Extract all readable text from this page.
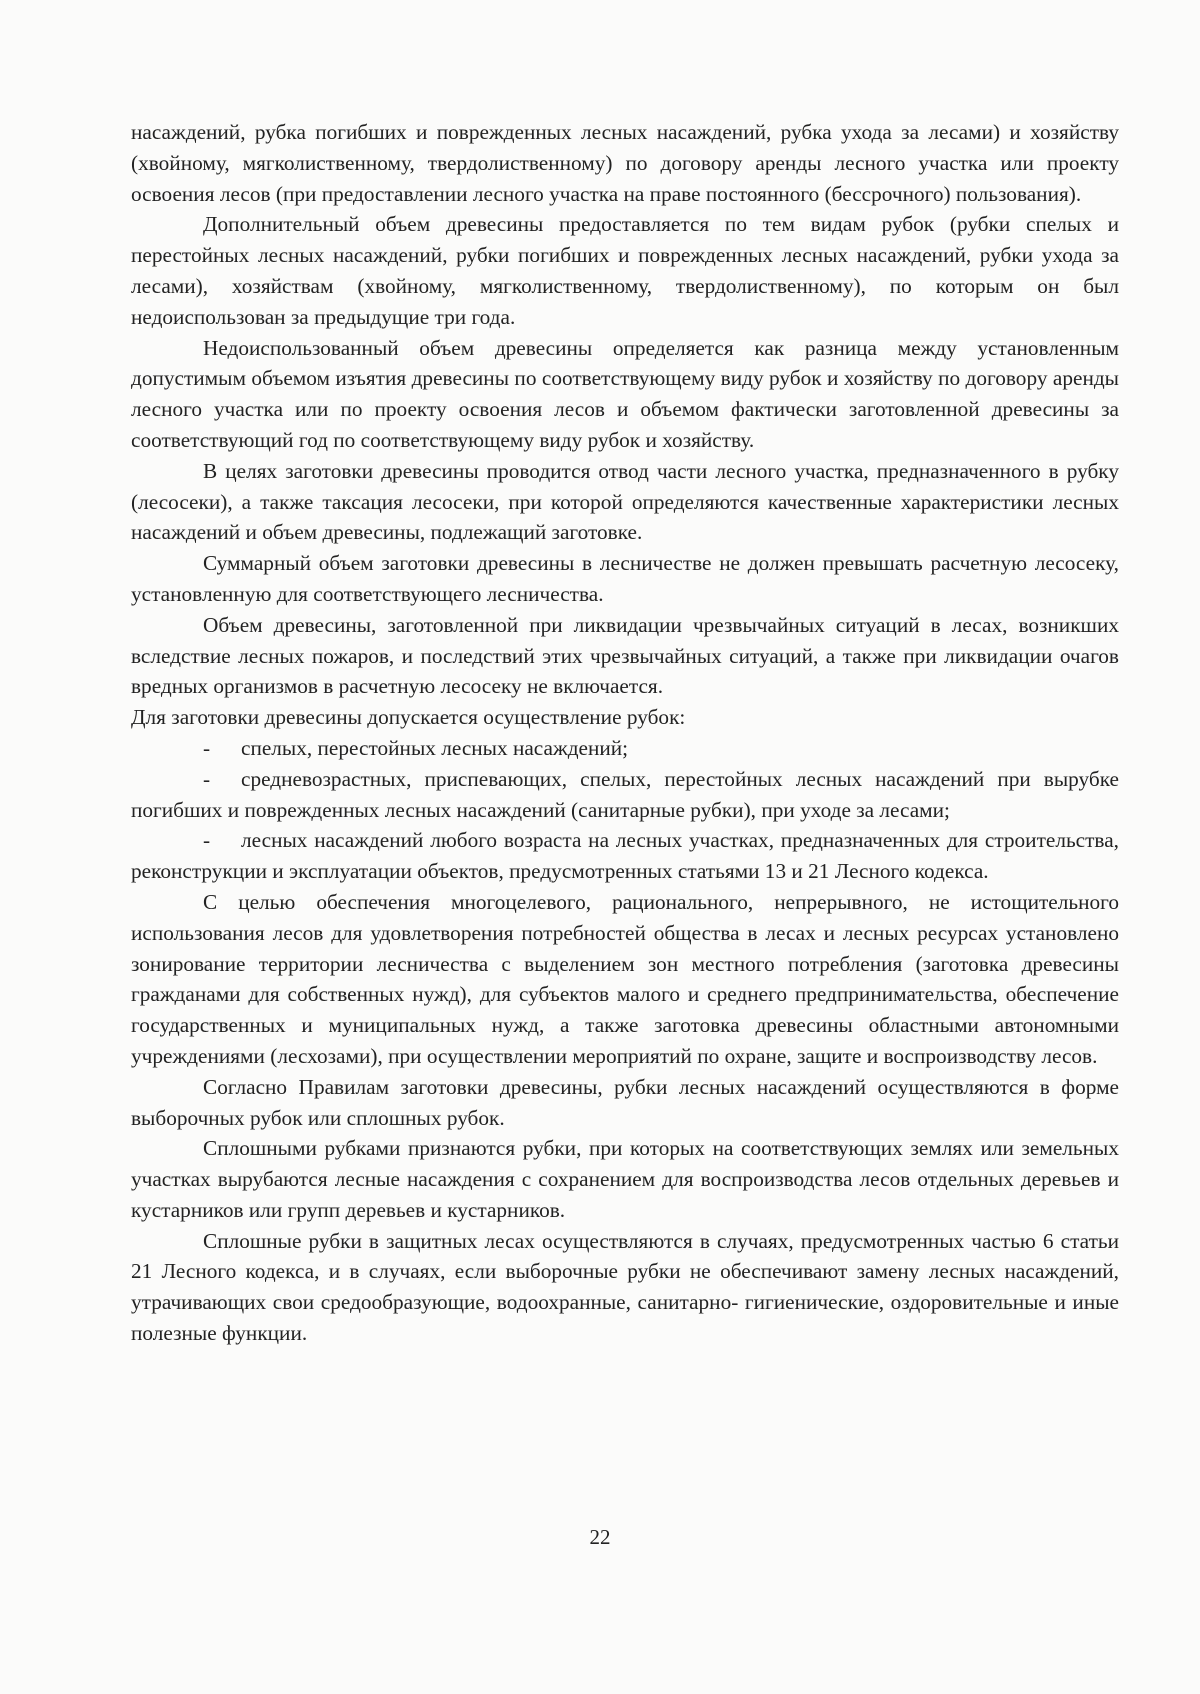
насаждений, рубка погибших и поврежденных лесных насаждений, рубка ухода за лесами) и хозяйству (хвойному, мягколиственному, твердолиственному) по договору аренды лесного участка или проекту освоения лесов (при предоставлении лесного участка на праве постоянного (бессрочного) пользования).

Дополнительный объем древесины предоставляется по тем видам рубок (рубки спелых и перестойных лесных насаждений, рубки погибших и поврежденных лесных насаждений, рубки ухода за лесами), хозяйствам (хвойному, мягколиственному, твердолиственному), по которым он был недоиспользован за предыдущие три года.

Недоиспользованный объем древесины определяется как разница между установленным допустимым объемом изъятия древесины по соответствующему виду рубок и хозяйству по договору аренды лесного участка или по проекту освоения лесов и объемом фактически заготовленной древесины за соответствующий год по соответствующему виду рубок и хозяйству.

В целях заготовки древесины проводится отвод части лесного участка, предназначенного в рубку (лесосеки), а также таксация лесосеки, при которой определяются качественные характеристики лесных насаждений и объем древесины, подлежащий заготовке.

Суммарный объем заготовки древесины в лесничестве не должен превышать расчетную лесосеку, установленную для соответствующего лесничества.

Объем древесины, заготовленной при ликвидации чрезвычайных ситуаций в лесах, возникших вследствие лесных пожаров, и последствий этих чрезвычайных ситуаций, а также при ликвидации очагов вредных организмов в расчетную лесосеку не включается.

Для заготовки древесины допускается осуществление рубок:

- спелых, перестойных лесных насаждений;

- средневозрастных, приспевающих, спелых, перестойных лесных насаждений при вырубке погибших и поврежденных лесных насаждений (санитарные рубки), при уходе за лесами;

- лесных насаждений любого возраста на лесных участках, предназначенных для строительства, реконструкции и эксплуатации объектов, предусмотренных статьями 13 и 21 Лесного кодекса.

С целью обеспечения многоцелевого, рационального, непрерывного, не истощительного использования лесов для удовлетворения потребностей общества в лесах и лесных ресурсах установлено зонирование территории лесничества с выделением зон местного потребления (заготовка древесины гражданами для собственных нужд), для субъектов малого и среднего предпринимательства, обеспечение государственных и муниципальных нужд, а также заготовка древесины областными автономными учреждениями (лесхозами), при осуществлении мероприятий по охране, защите и воспроизводству лесов.

Согласно Правилам заготовки древесины, рубки лесных насаждений осуществляются в форме выборочных рубок или сплошных рубок.

Сплошными рубками признаются рубки, при которых на соответствующих землях или земельных участках вырубаются лесные насаждения с сохранением для воспроизводства лесов отдельных деревьев и кустарников или групп деревьев и кустарников.

Сплошные рубки в защитных лесах осуществляются в случаях, предусмотренных частью 6 статьи 21 Лесного кодекса, и в случаях, если выборочные рубки не обеспечивают замену лесных насаждений, утрачивающих свои средообразующие, водоохранные, санитарно- гигиенические, оздоровительные и иные полезные функции.

22
